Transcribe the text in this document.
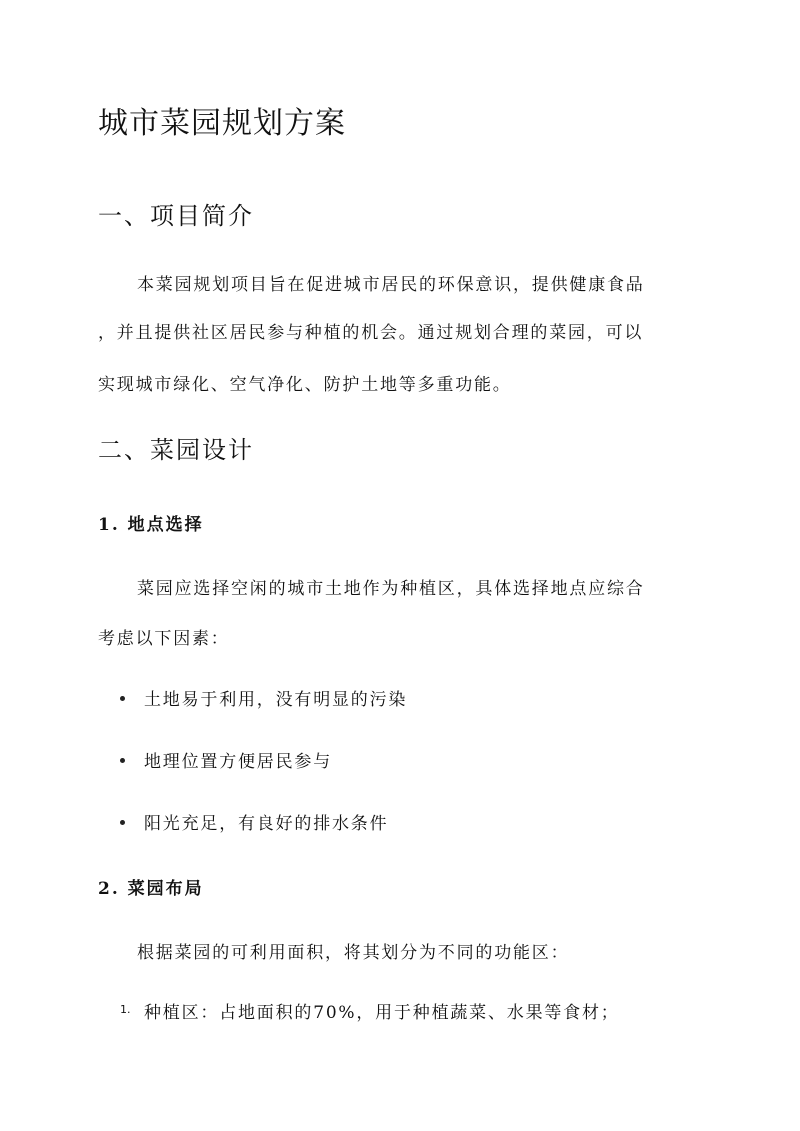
城市菜园规划方案
一、项目简介

本菜园规划项目旨在促进城市居民的环保意识，提供健康食品

，并且提供社区居民参与种植的机会。通过规划合理的菜园，可以

实现城市绿化、空气净化、防护土地等多重功能。

二、菜园设计
1. 地点选择

菜园应选择空闲的城市土地作为种植区，具体选择地点应综合

考虑以下因素：

土地易于利用，没有明显的污染
地理位置方便居民参与
阳光充足，有良好的排水条件
2. 菜园布局

根据菜园的可利用面积，将其划分为不同的功能区：

1. 种植区：占地面积的70%，用于种植蔬菜、水果等食材；
